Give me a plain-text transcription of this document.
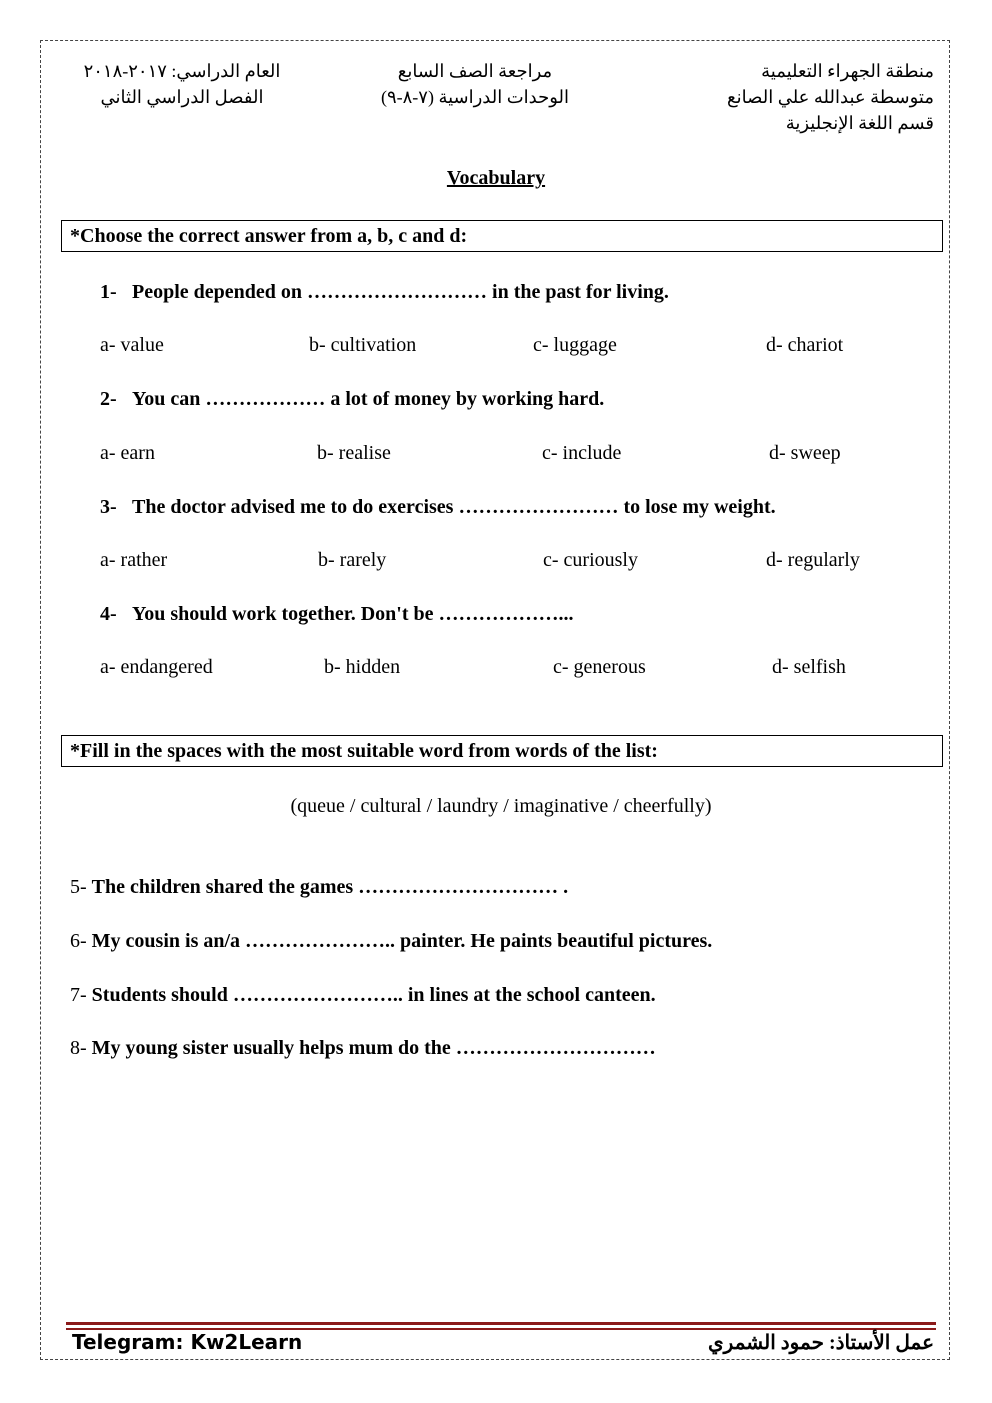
منطقة الجهراء التعليمية
متوسطة عبدالله علي الصانع
قسم اللغة الإنجليزية
مراجعة الصف السابع
الوحدات الدراسية (٧-٨-٩)
العام الدراسي: ٢٠١٧-٢٠١٨
الفصل الدراسي الثاني
Vocabulary
*Choose the correct answer from a, b, c and d:
1- People depended on ……………………… in the past for living.
a- value	b- cultivation	c- luggage	d- chariot
2- You can ……………… a lot of money by working hard.
a- earn	b- realise	c- include	d- sweep
3- The doctor advised me to do exercises …………………… to lose my weight.
a- rather	b- rarely	c- curiously	d- regularly
4- You should work together. Don't be ………………...
a- endangered	b- hidden	c- generous	d- selfish
*Fill in the spaces with the most suitable word from words of the list:
(queue / cultural / laundry / imaginative / cheerfully)
5- The children shared the games ………………………… .
6- My cousin is an/a ………………….. painter. He paints beautiful pictures.
7- Students should …………………….. in lines at the school canteen.
8- My young sister usually helps mum do the …………………………
Telegram: Kw2Learn	عمل الأستاذ: حمود الشمري
